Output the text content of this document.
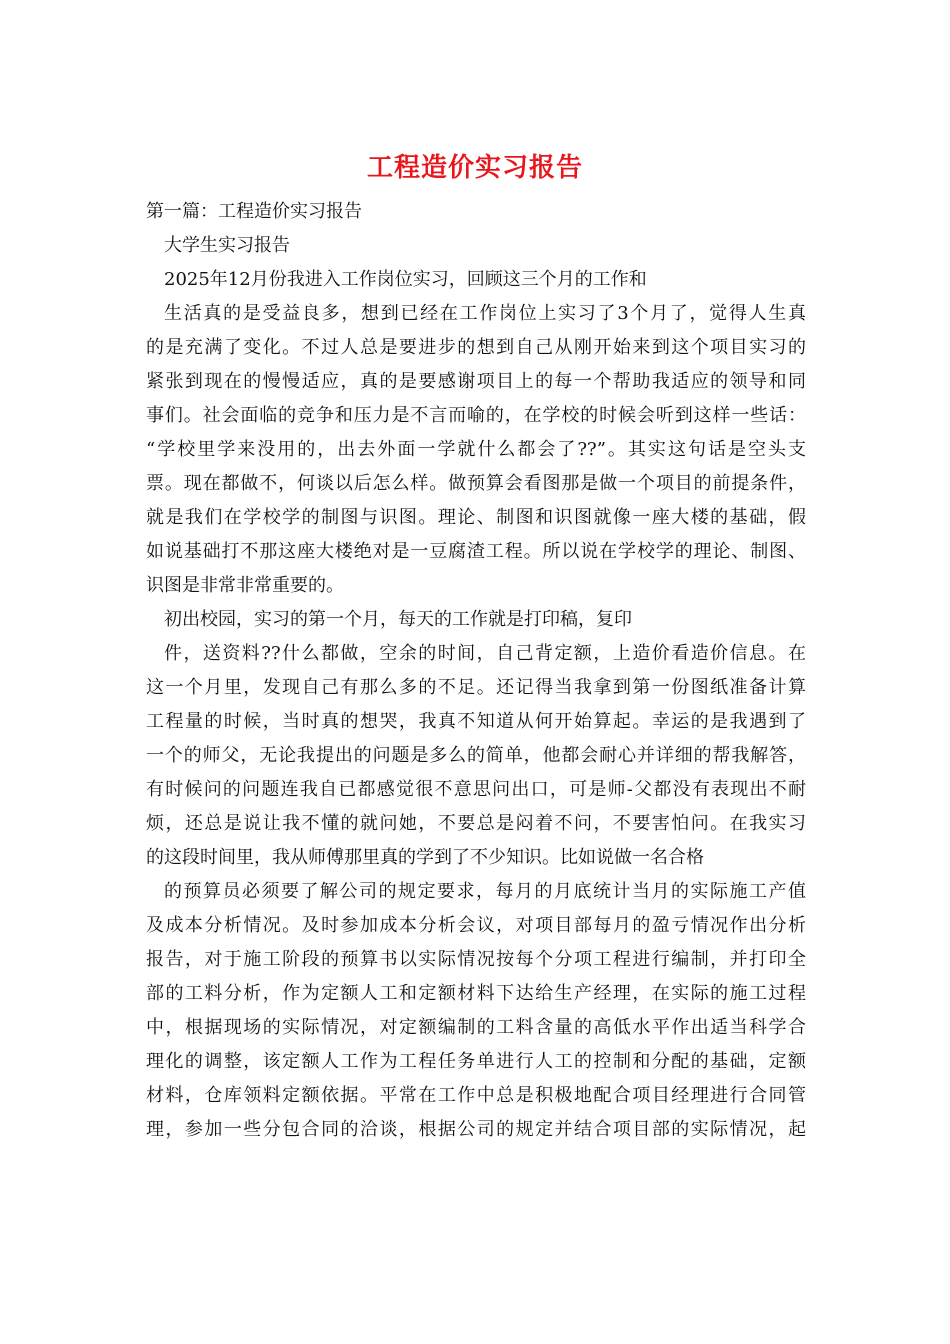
工程造价实习报告
第一篇：工程造价实习报告
大学生实习报告
2025年12月份我进入工作岗位实习，回顾这三个月的工作和
生活真的是受益良多，想到已经在工作岗位上实习了3个月了，觉得人生真
的是充满了变化。不过人总是要进步的想到自己从刚开始来到这个项目实习的
紧张到现在的慢慢适应，真的是要感谢项目上的每一个帮助我适应的领导和同
事们。社会面临的竞争和压力是不言而喻的，在学校的时候会听到这样一些话：
“学校里学来没用的，出去外面一学就什么都会了??”。其实这句话是空头支
票。现在都做不，何谈以后怎么样。做预算会看图那是做一个项目的前提条件，
就是我们在学校学的制图与识图。理论、制图和识图就像一座大楼的基础，假
如说基础打不那这座大楼绝对是一豆腐渣工程。所以说在学校学的理论、制图、
识图是非常非常重要的。
初出校园，实习的第一个月，每天的工作就是打印稿，复印
件，送资料??什么都做，空余的时间，自己背定额，上造价看造价信息。在
这一个月里，发现自己有那么多的不足。还记得当我拿到第一份图纸准备计算
工程量的时候，当时真的想哭，我真不知道从何开始算起。幸运的是我遇到了
一个的师父，无论我提出的问题是多么的简单，他都会耐心并详细的帮我解答，
有时候问的问题连我自已都感觉很不意思问出口，可是师-父都没有表现出不耐
烦，还总是说让我不懂的就问她，不要总是闷着不问，不要害怕问。在我实习
的这段时间里，我从师傅那里真的学到了不少知识。比如说做一名合格
的预算员必须要了解公司的规定要求，每月的月底统计当月的实际施工产值
及成本分析情况。及时参加成本分析会议，对项目部每月的盈亏情况作出分析
报告，对于施工阶段的预算书以实际情况按每个分项工程进行编制，并打印全
部的工料分析，作为定额人工和定额材料下达给生产经理，在实际的施工过程
中，根据现场的实际情况，对定额编制的工料含量的高低水平作出适当科学合
理化的调整，该定额人工作为工程任务单进行人工的控制和分配的基础，定额
材料，仓库领料定额依据。平常在工作中总是积极地配合项目经理进行合同管
理，参加一些分包合同的洽谈，根据公司的规定并结合项目部的实际情况，起
